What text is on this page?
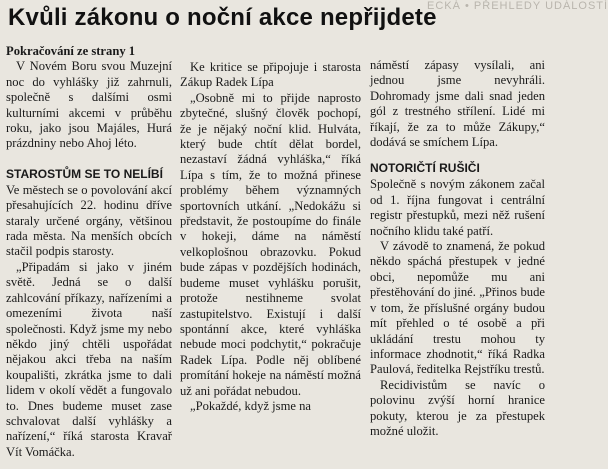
ECKÁ • PŘEHLEDY UDÁLOSTÍ
Kvůli zákonu o noční akce nepřijdete

Pokračování ze strany 1

V Novém Boru svou Muzejní noc do vyhlášky již zahrnuli, společně s dalšími osmi kulturními akcemi v průběhu roku, jako jsou Majáles, Hurá prázdniny nebo Ahoj léto.

STAROSTŮM SE TO NELÍBÍ

Ve městech se o povolování akcí přesahujících 22. hodinu dříve staraly určené orgány, většinou rada města. Na menších obcích stačil podpis starosty.

„Připadám si jako v jiném světě. Jedná se o další zahlcování příkazy, nařízeními a omezeními života naší společnosti. Když jsme my nebo někdo jiný chtěli uspořádat nějakou akci třeba na naším koupališti, zkrátka jsme to dali lidem v okolí vědět a fungovalo to. Dnes budeme muset zase schvalovat další vyhlášky a nařízení,“ říká starosta Kravař Vít Vomáčka.

Ke kritice se připojuje i starosta Zákup Radek Lípa

„Osobně mi to přijde naprosto zbytečné, slušný člověk pochopí, že je nějaký noční klid. Hulváta, který bude chtít dělat bordel, nezastaví žádná vyhláška,“ říká Lípa s tím, že to možná přinese problémy během významných sportovních utkání. „Nedokážu si představit, že postoupíme do finále v hokeji, dáme na náměstí velkoplošnou obrazovku. Pokud bude zápas v pozdějších hodinách, budeme muset vyhlášku porušit, protože nestihneme svolat zastupitelstvo. Existují i další spontánní akce, které vyhláška nebude moci podchytit,“ pokračuje Radek Lípa. Podle něj oblíbené promítání hokeje na náměstí možná už ani pořádat nebudou.

„Pokaždé, když jsme na

náměstí zápasy vysílali, ani jednou jsme nevyhráli. Dohromady jsme dali snad jeden gól z trestného střílení. Lidé mi říkají, že za to může Zákupy,“ dodává se smíchem Lípa.

NOTORIČTÍ RUŠIČI

Společně s novým zákonem začal od 1. října fungovat i centrální registr přestupků, mezi něž rušení nočního klidu také patří.

V závodě to znamená, že pokud někdo spáchá přestupek v jedné obci, nepomůže mu ani přestěhování do jiné. „Přinos bude v tom, že příslušné orgány budou mít přehled o té osobě a při ukládání trestu mohou ty informace zhodnotit,“ říká Radka Paulová, ředitelka Rejstříku trestů.

Recidivistům se navíc o polovinu zvýší horní hranice pokuty, kterou je za přestupek možné uložit.
